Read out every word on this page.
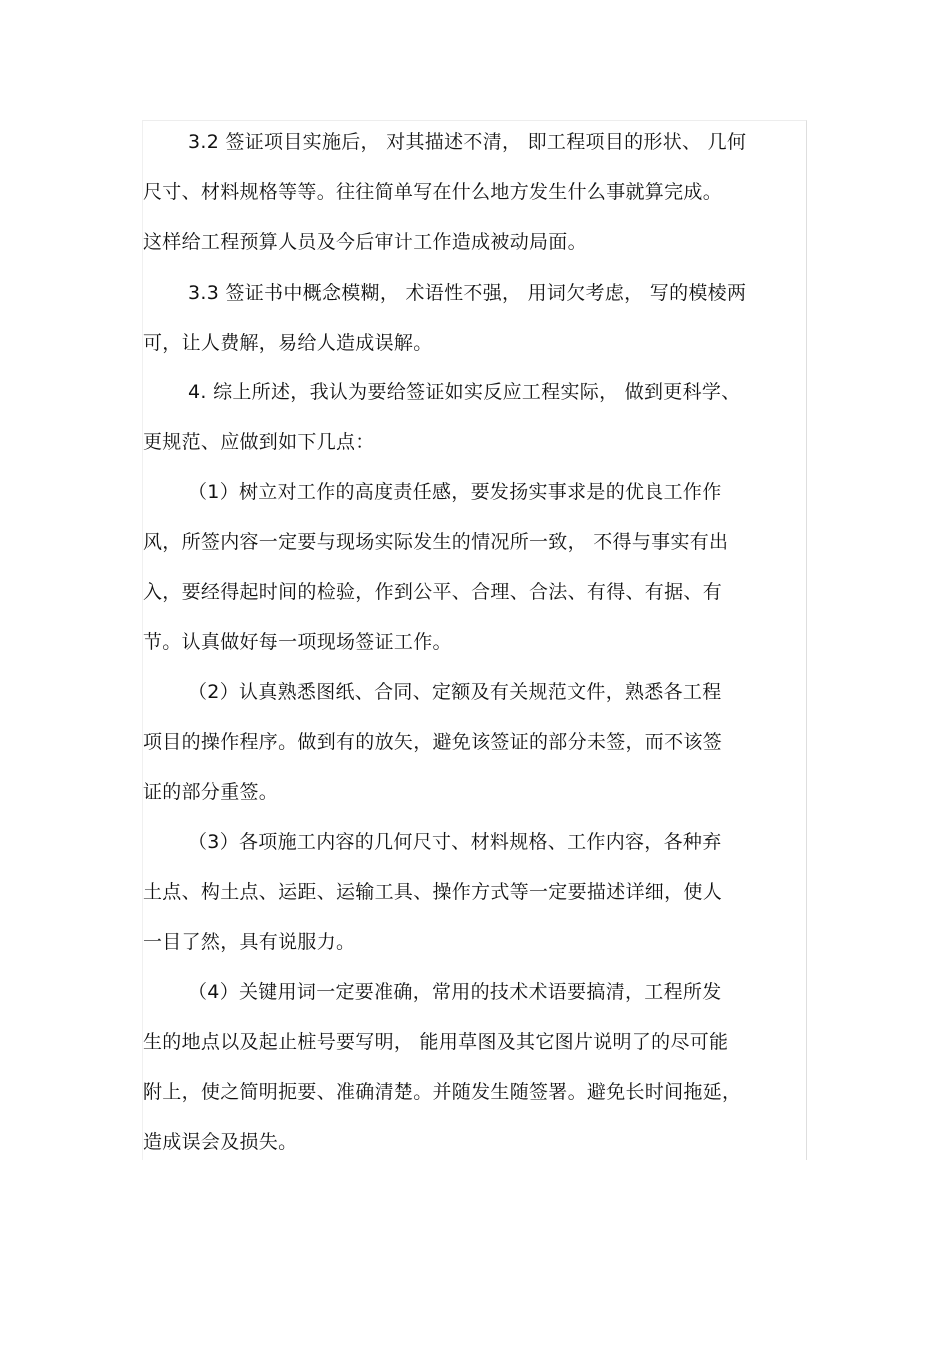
3.2 签证项目实施后， 对其描述不清， 即工程项目的形状、 几何
尺寸、材料规格等等。往往简单写在什么地方发生什么事就算完成。
这样给工程预算人员及今后审计工作造成被动局面。
3.3 签证书中概念模糊， 术语性不强， 用词欠考虑， 写的模棱两
可，让人费解，易给人造成误解。
4. 综上所述，我认为要给签证如实反应工程实际， 做到更科学、
更规范、应做到如下几点：
（1）树立对工作的高度责任感，要发扬实事求是的优良工作作
风，所签内容一定要与现场实际发生的情况所一致， 不得与事实有出
入，要经得起时间的检验，作到公平、合理、合法、有得、有据、有
节。认真做好每一项现场签证工作。
（2）认真熟悉图纸、合同、定额及有关规范文件，熟悉各工程
项目的操作程序。做到有的放矢，避免该签证的部分未签，而不该签
证的部分重签。
（3）各项施工内容的几何尺寸、材料规格、工作内容，各种弃
土点、构土点、运距、运输工具、操作方式等一定要描述详细，使人
一目了然，具有说服力。
（4）关键用词一定要准确，常用的技术术语要搞清，工程所发
生的地点以及起止桩号要写明， 能用草图及其它图片说明了的尽可能
附上，使之简明扼要、准确清楚。并随发生随签署。避免长时间拖延，
造成误会及损失。
